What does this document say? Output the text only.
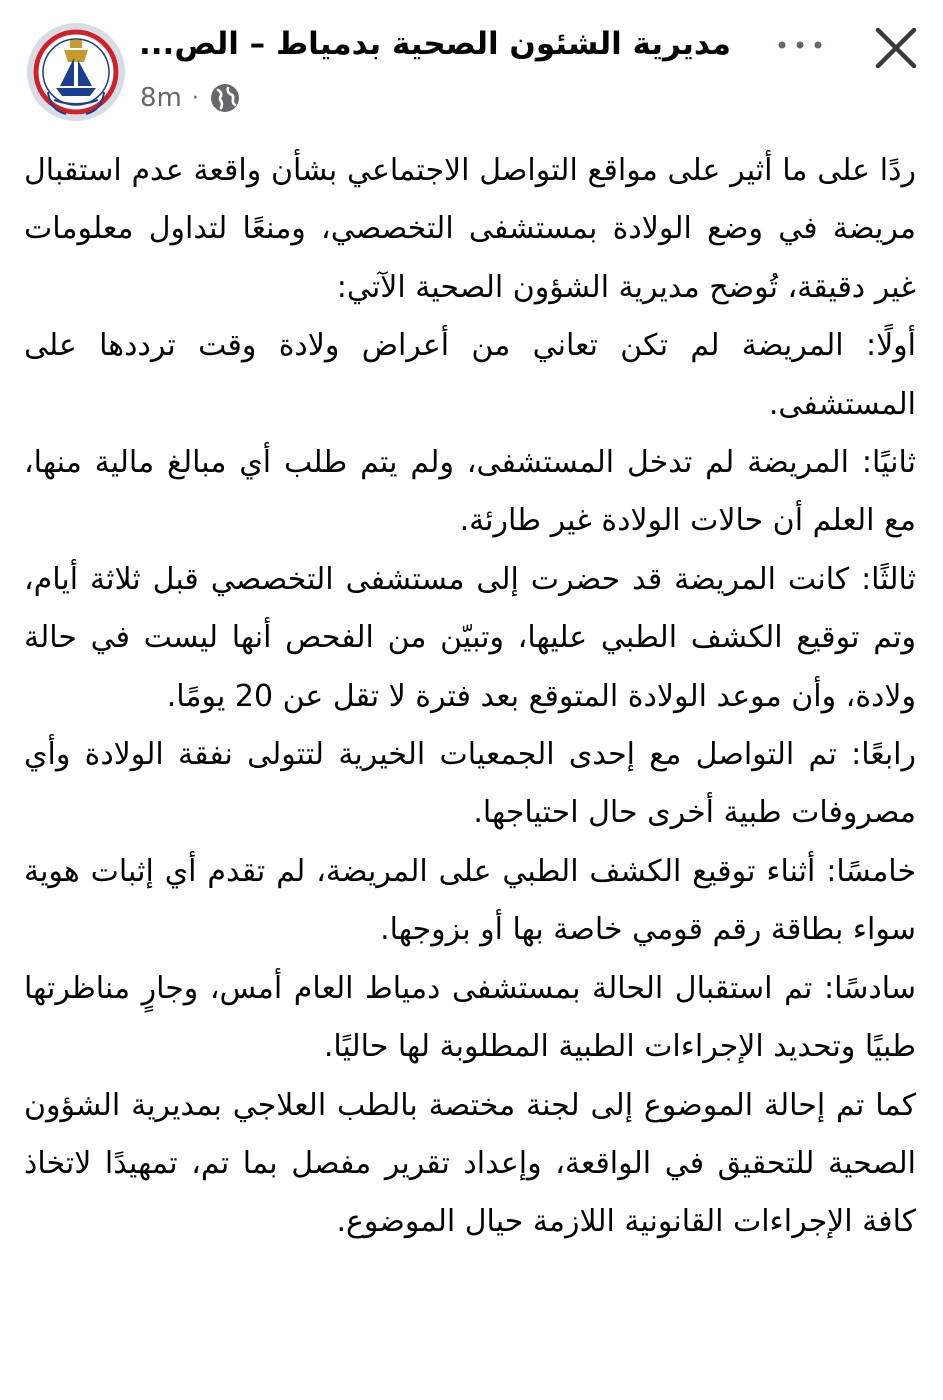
مديرية الشئون الصحية بدمياط – الص...
8m ·

ردًا على ما أثير على مواقع التواصل الاجتماعي بشأن واقعة عدم استقبال مريضة في وضع الولادة بمستشفى التخصصي، ومنعًا لتداول معلومات غير دقيقة، تُوضح مديرية الشؤون الصحية الآتي:

أولًا: المريضة لم تكن تعاني من أعراض ولادة وقت ترددها على المستشفى.

ثانيًا: المريضة لم تدخل المستشفى، ولم يتم طلب أي مبالغ مالية منها، مع العلم أن حالات الولادة غير طارئة.

ثالثًا: كانت المريضة قد حضرت إلى مستشفى التخصصي قبل ثلاثة أيام، وتم توقيع الكشف الطبي عليها، وتبيّن من الفحص أنها ليست في حالة ولادة، وأن موعد الولادة المتوقع بعد فترة لا تقل عن 20 يومًا.

رابعًا: تم التواصل مع إحدى الجمعيات الخيرية لتتولى نفقة الولادة وأي مصروفات طبية أخرى حال احتياجها.

خامسًا: أثناء توقيع الكشف الطبي على المريضة، لم تقدم أي إثبات هوية سواء بطاقة رقم قومي خاصة بها أو بزوجها.

سادسًا: تم استقبال الحالة بمستشفى دمياط العام أمس، وجارٍ مناظرتها طبيًا وتحديد الإجراءات الطبية المطلوبة لها حاليًا.

كما تم إحالة الموضوع إلى لجنة مختصة بالطب العلاجي بمديرية الشؤون الصحية للتحقيق في الواقعة، وإعداد تقرير مفصل بما تم، تمهيدًا لاتخاذ كافة الإجراءات القانونية اللازمة حيال الموضوع.
